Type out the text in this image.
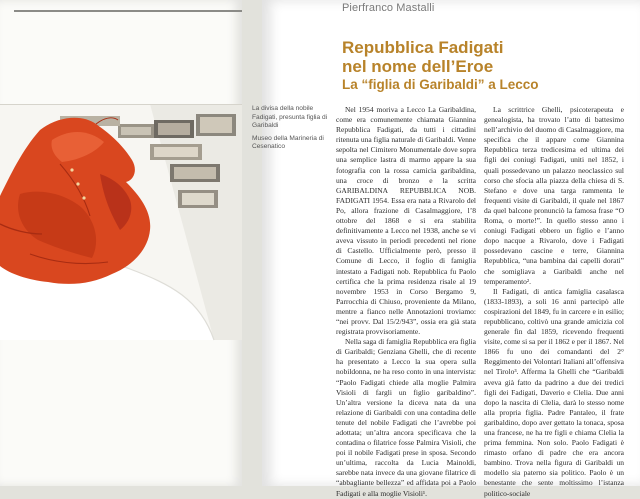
Pierfranco Mastalli
Repubblica Fadigati
nel nome dell’Eroe
La “figlia di Garibaldi” a Lecco

La divisa della nobile Fadigati, presunta figlia di Garibaldi

Museo della Marineria di Cesenatico

Nel 1954 moriva a Lecco La Garibaldina, come era comunemente chiamata Giannina Repubblica Fadigati, da tutti i cittadini ritenuta una figlia naturale di Garibaldi. Venne sepolta nel Cimitero Monumentale dove sopra una semplice lastra di marmo appare la sua fotografia con la rossa camicia garibaldina, una croce di bronzo e la scritta GARIBALDINA REPUBBLICA NOB. FADIGATI 1954. Essa era nata a Rivarolo del Po, allora frazione di Casalmaggiore, l’8 ottobre del 1868 e si era stabilita definitivamente a Lecco nel 1938, anche se vi aveva vissuto in periodi precedenti nel rione di Castello. Ufficialmente però, presso il Comune di Lecco, il foglio di famiglia intestato a Fadigati nob. Repubblica fu Paolo certifica che la prima residenza risale al 19 novembre 1953 in Corso Bergamo 9, Parrocchia di Chiuso, proveniente da Milano, mentre a fianco nelle Annotazioni troviamo: “nei provv. Dal 15/2/943”, ossia era già stata registrata provvisoriamente.

Nella saga di famiglia Repubblica era figlia di Garibaldi; Genziana Ghelli, che di recente ha presentato a Lecco la sua opera sulla nobildonna, ne ha reso conto in una intervista: “Paolo Fadigati chiede alla moglie Palmira Visioli di fargli un figlio garibaldino”. Un’altra versione la diceva nata da una relazione di Garibaldi con una contadina delle tenute del nobile Fadigati che l’avrebbe poi adottata; un’altra ancora specificava che la contadina o filatrice fosse Palmira Visioli, che poi il nobile Fadigati prese in sposa. Secondo un’ultima, raccolta da Lucia Mainoldi, sarebbe nata invece da una giovane filatrice di “abbagliante bellezza” ed affidata poi a Paolo Fadigati e alla moglie Visioli¹.

La scrittrice Ghelli, psicoterapeuta e genealogista, ha trovato l’atto di battesimo nell’archivio del duomo di Casalmaggiore, ma specifica che il appare come Giannina Repubblica terza tredicesima ed ultima dei figli dei coniugi Fadigati, uniti nel 1852, i quali possedevano un palazzo neoclassico sul corso che sfocia alla piazza della chiesa di S. Stefano e dove una targa rammenta le frequenti visite di Garibaldi, il quale nel 1867 da quel balcone pronunciò la famosa frase “O Roma, o morte!”. In quello stesso anno i coniugi Fadigati ebbero un figlio e l’anno dopo nacque a Rivarolo, dove i Fadigati possedevano cascine e terre, Giannina Repubblica, “una bambina dai capelli dorati” che somigliava a Garibaldi anche nel temperamento².

Il Fadigati, di antica famiglia casalasca (1833-1893), a soli 16 anni partecipò alle cospirazioni del 1849, fu in carcere e in esilio; repubblicano, coltivò una grande amicizia col generale fin dal 1859, ricevendo frequenti visite, come si sa per il 1862 e per il 1867. Nel 1866 fu uno dei comandanti del 2° Reggimento dei Volontari Italiani all’offensiva nel Tirolo³. Afferma la Ghelli che “Garibaldi aveva già fatto da padrino a due dei tredici figli dei Fadigati, Daverio e Clelia. Due anni dopo la nascita di Clelia, darà lo stesso nome alla propria figlia. Padre Pantaleo, il frate garibaldino, dopo aver gettato la tonaca, sposa una francese, ne ha tre figli e chiama Clelia la prima femmina. Non solo. Paolo Fadigati è rimasto orfano di padre che era ancora bambino. Trova nella figura di Garibaldi un modello sia paterno sia politico. Paolo è un benestante che sente moltissimo l’istanza politico-sociale
